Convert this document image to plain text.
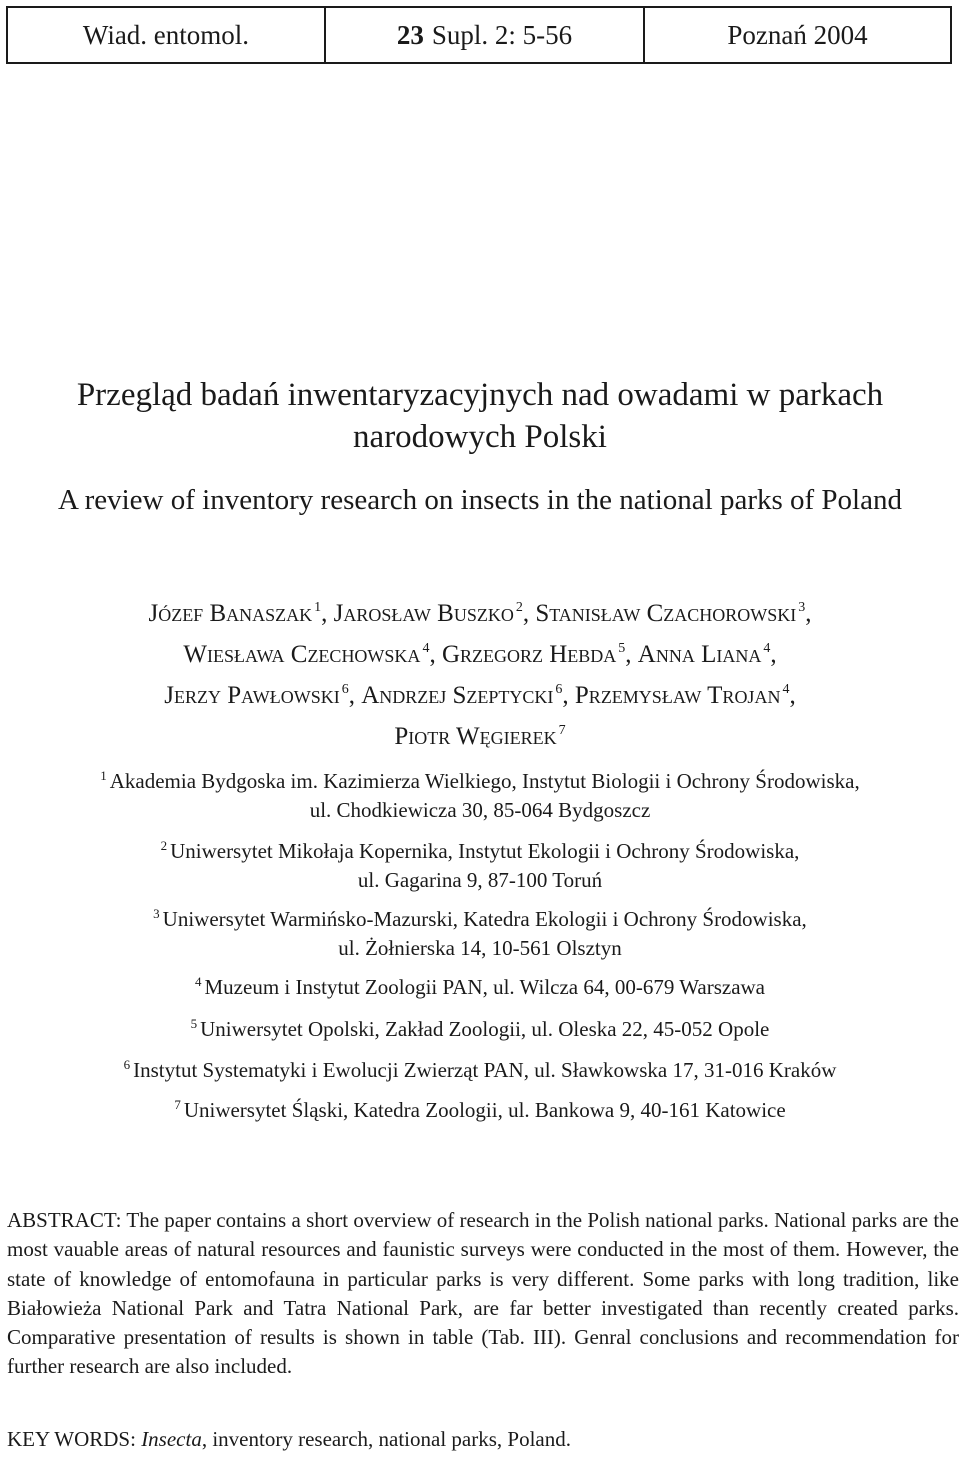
Wiad. entomol.	23 Supl. 2: 5-56	Poznań 2004
Przegląd badań inwentaryzacyjnych nad owadami w parkach
narodowych Polski
A review of inventory research on insects in the national parks of Poland
Józef Banaszak $^1$, Jarosław Buszko $^2$, Stanisław Czachorowski $^3$,
Wiesława Czechowska $^4$, Grzegorz Hebda $^5$, Anna Liana $^4$,
Jerzy Pawłowski $^6$, Andrzej Szeptycki $^6$, Przemysław Trojan $^4$,
Piotr Węgierek $^7$
$^1$ Akademia Bydgoska im. Kazimierza Wielkiego, Instytut Biologii i Ochrony Środowiska,
ul. Chodkiewicza 30, 85-064 Bydgoszcz
$^2$ Uniwersytet Mikołaja Kopernika, Instytut Ekologii i Ochrony Środowiska,
ul. Gagarina 9, 87-100 Toruń
$^3$ Uniwersytet Warmińsko-Mazurski, Katedra Ekologii i Ochrony Środowiska,
ul. Żołnierska 14, 10-561 Olsztyn
$^4$ Muzeum i Instytut Zoologii PAN, ul. Wilcza 64, 00-679 Warszawa
$^5$ Uniwersytet Opolski, Zakład Zoologii, ul. Oleska 22, 45-052 Opole
$^6$ Instytut Systematyki i Ewolucji Zwierząt PAN, ul. Sławkowska 17, 31-016 Kraków
$^7$ Uniwersytet Śląski, Katedra Zoologii, ul. Bankowa 9, 40-161 Katowice
ABSTRACT: The paper contains a short overview of research in the Polish national parks. National parks are the most vauable areas of natural resources and faunistic surveys were conducted in the most of them. However, the state of knowledge of entomofauna in particular parks is very different. Some parks with long tradition, like Białowieża National Park and Tatra National Park, are far better investigated than recently created parks. Comparative presentation of results is shown in table (Tab. III). Genral conclusions and recommendation for further research are also included.
KEY WORDS: Insecta, inventory research, national parks, Poland.
